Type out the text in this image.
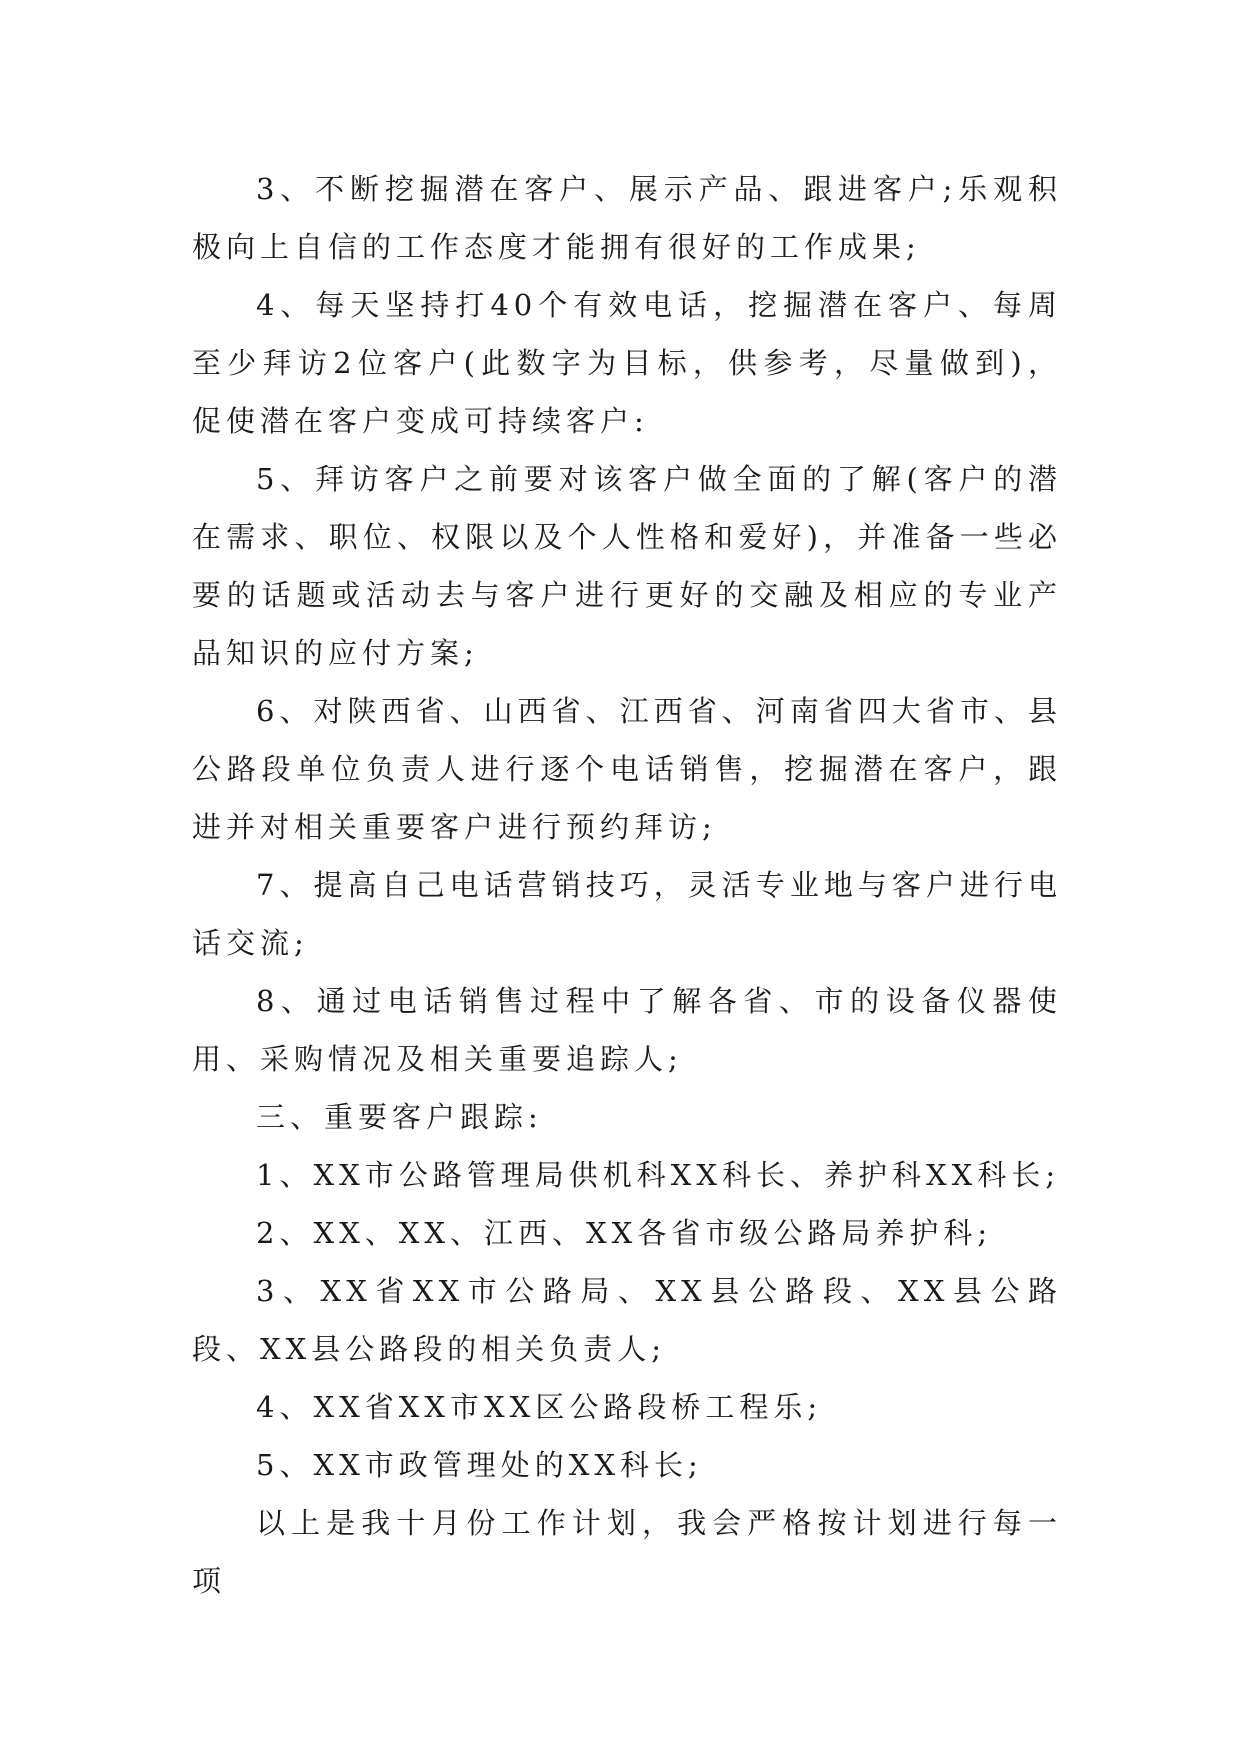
3、不断挖掘潜在客户、展示产品、跟进客户;乐观积极向上自信的工作态度才能拥有很好的工作成果;

4、每天坚持打40个有效电话，挖掘潜在客户、每周至少拜访2位客户(此数字为目标，供参考，尽量做到)，促使潜在客户变成可持续客户:

5、拜访客户之前要对该客户做全面的了解(客户的潜在需求、职位、权限以及个人性格和爱好)，并准备一些必要的话题或活动去与客户进行更好的交融及相应的专业产品知识的应付方案;

6、对陕西省、山西省、江西省、河南省四大省市、县公路段单位负责人进行逐个电话销售，挖掘潜在客户，跟进并对相关重要客户进行预约拜访;

7、提高自己电话营销技巧，灵活专业地与客户进行电话交流;

8、通过电话销售过程中了解各省、市的设备仪器使用、采购情况及相关重要追踪人;

三、重要客户跟踪:

1、XX市公路管理局供机科XX科长、养护科XX科长;

2、XX、XX、江西、XX各省市级公路局养护科;

3、XX省XX市公路局、XX县公路段、XX县公路段、XX县公路段的相关负责人;

4、XX省XX市XX区公路段桥工程乐;

5、XX市政管理处的XX科长;

以上是我十月份工作计划，我会严格按计划进行每一项
